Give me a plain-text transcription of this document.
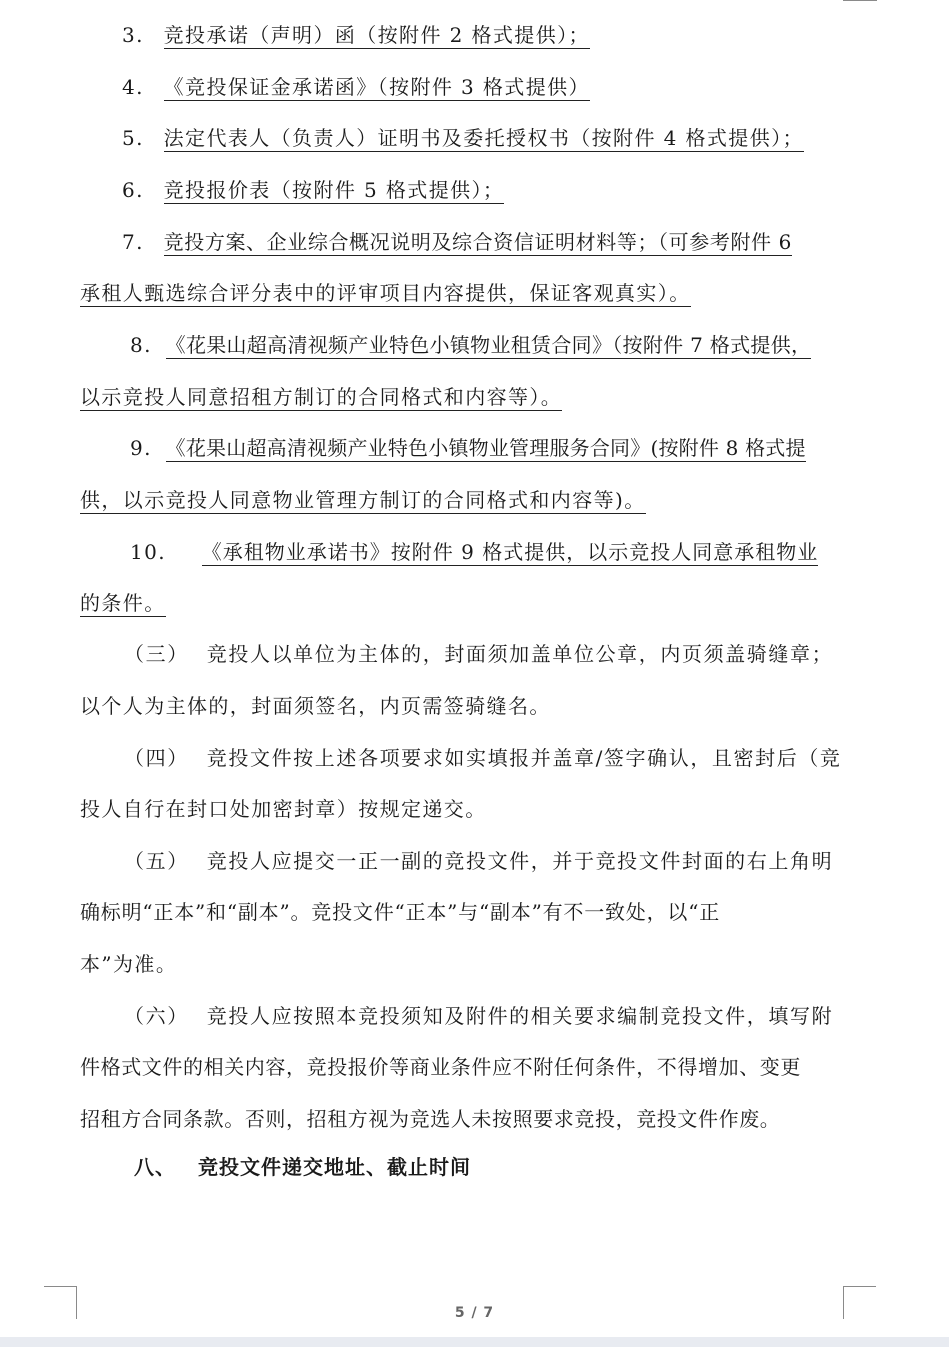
3. 竞投承诺（声明）函（按附件 2 格式提供）；
4. 《竞投保证金承诺函》（按附件 3 格式提供）
5. 法定代表人（负责人）证明书及委托授权书（按附件 4 格式提供）；
6. 竞投报价表（按附件 5 格式提供）；
7. 竞投方案、企业综合概况说明及综合资信证明材料等；（可参考附件 6
承租人甄选综合评分表中的评审项目内容提供，保证客观真实）。
8. 《花果山超高清视频产业特色小镇物业租赁合同》（按附件 7 格式提供，
以示竞投人同意招租方制订的合同格式和内容等）。
9. 《花果山超高清视频产业特色小镇物业管理服务合同》(按附件 8 格式提
供，以示竞投人同意物业管理方制订的合同格式和内容等)。
10. 《承租物业承诺书》按附件 9 格式提供，以示竞投人同意承租物业
的条件。
（三） 竞投人以单位为主体的，封面须加盖单位公章，内页须盖骑缝章；
以个人为主体的，封面须签名，内页需签骑缝名。
（四） 竞投文件按上述各项要求如实填报并盖章/签字确认，且密封后（竞
投人自行在封口处加密封章）按规定递交。
（五） 竞投人应提交一正一副的竞投文件，并于竞投文件封面的右上角明
确标明“正本”和“副本”。竞投文件“正本”与“副本”有不一致处，以“正
本”为准。
（六） 竞投人应按照本竞投须知及附件的相关要求编制竞投文件，填写附
件格式文件的相关内容，竞投报价等商业条件应不附任何条件，不得增加、变更
招租方合同条款。否则，招租方视为竞选人未按照要求竞投，竞投文件作废。
八、 竞投文件递交地址、截止时间
5 / 7
